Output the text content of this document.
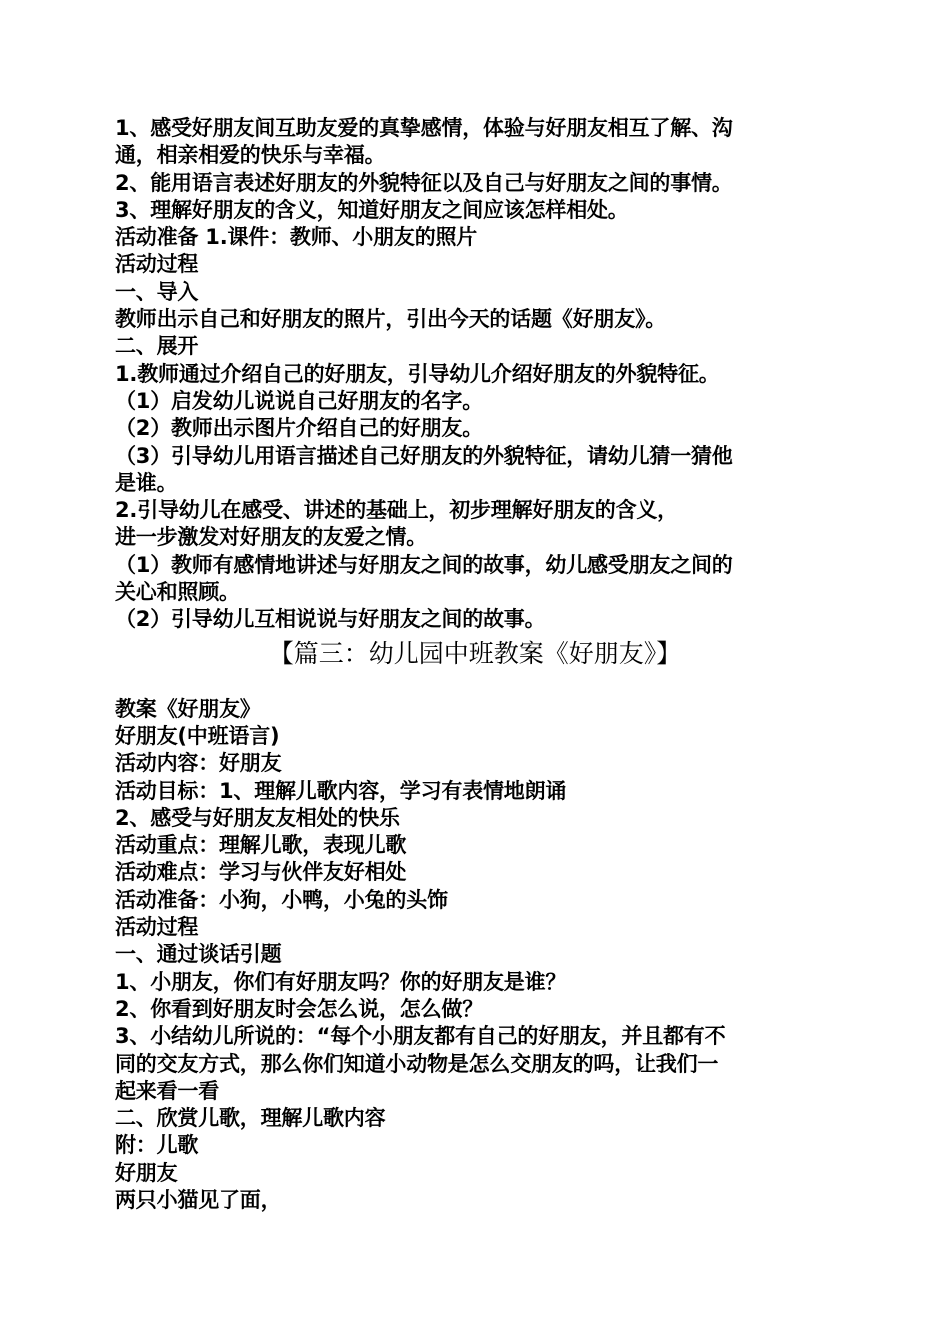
1、感受好朋友间互助友爱的真挚感情，体验与好朋友相互了解、沟
通，相亲相爱的快乐与幸福。
2、能用语言表述好朋友的外貌特征以及自己与好朋友之间的事情。
3、理解好朋友的含义，知道好朋友之间应该怎样相处。
活动准备 1.课件：教师、小朋友的照片
活动过程
一、导入
教师出示自己和好朋友的照片，引出今天的话题《好朋友》。
二、展开
1.教师通过介绍自己的好朋友，引导幼儿介绍好朋友的外貌特征。
（1）启发幼儿说说自己好朋友的名字。
（2）教师出示图片介绍自己的好朋友。
（3）引导幼儿用语言描述自己好朋友的外貌特征，请幼儿猜一猜他
是谁。
2.引导幼儿在感受、讲述的基础上，初步理解好朋友的含义，
进一步激发对好朋友的友爱之情。
（1）教师有感情地讲述与好朋友之间的故事，幼儿感受朋友之间的
关心和照顾。
（2）引导幼儿互相说说与好朋友之间的故事。
【篇三：幼儿园中班教案《好朋友》】
教案《好朋友》
好朋友(中班语言)
活动内容：好朋友
活动目标：1、理解儿歌内容，学习有表情地朗诵
2、感受与好朋友友相处的快乐
活动重点：理解儿歌，表现儿歌
活动难点：学习与伙伴友好相处
活动准备：小狗，小鸭，小兔的头饰
活动过程
一、通过谈话引题
1、小朋友，你们有好朋友吗？你的好朋友是谁？
2、你看到好朋友时会怎么说，怎么做？
3、小结幼儿所说的：“每个小朋友都有自己的好朋友，并且都有不
同的交友方式，那么你们知道小动物是怎么交朋友的吗，让我们一
起来看一看
二、欣赏儿歌，理解儿歌内容
附：儿歌
好朋友
两只小猫见了面，
